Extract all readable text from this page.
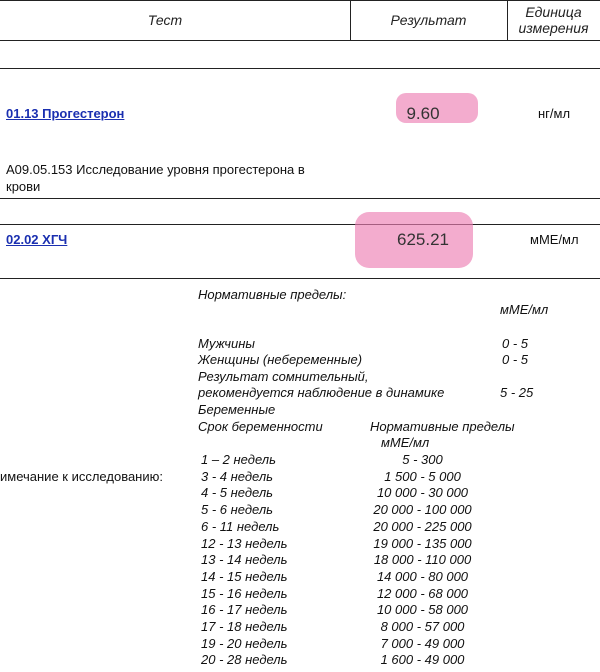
Тест	Результат	Единица
измерения
01.13 Прогестерон	9.60	нг/мл
А09.05.153 Исследование уровня прогестерона в
крови
02.02 ХГЧ	625.21	мМЕ/мл
имечание к исследованию:
Нормативные пределы:
мМЕ/мл
Мужчины	0 - 5
Женщины (небеременные)	0 - 5
Результат сомнительный,
рекомендуется наблюдение в динамике	5 - 25
Беременные
Срок беременности	Нормативные пределы
мМЕ/мл
1 – 2 недель	5 - 300
3 - 4 недель	1 500 - 5 000
4 - 5 недель	10 000 - 30 000
5 - 6 недель	20 000 - 100 000
6 - 11 недель	20 000 - 225 000
12 - 13 недель	19 000 - 135 000
13 - 14 недель	18 000 - 110 000
14 - 15 недель	14 000 - 80 000
15 - 16 недель	12 000 - 68 000
16 - 17 недель	10 000 - 58 000
17 - 18 недель	8 000 - 57 000
19 - 20 недель	7 000 - 49 000
20 - 28 недель	1 600 - 49 000
